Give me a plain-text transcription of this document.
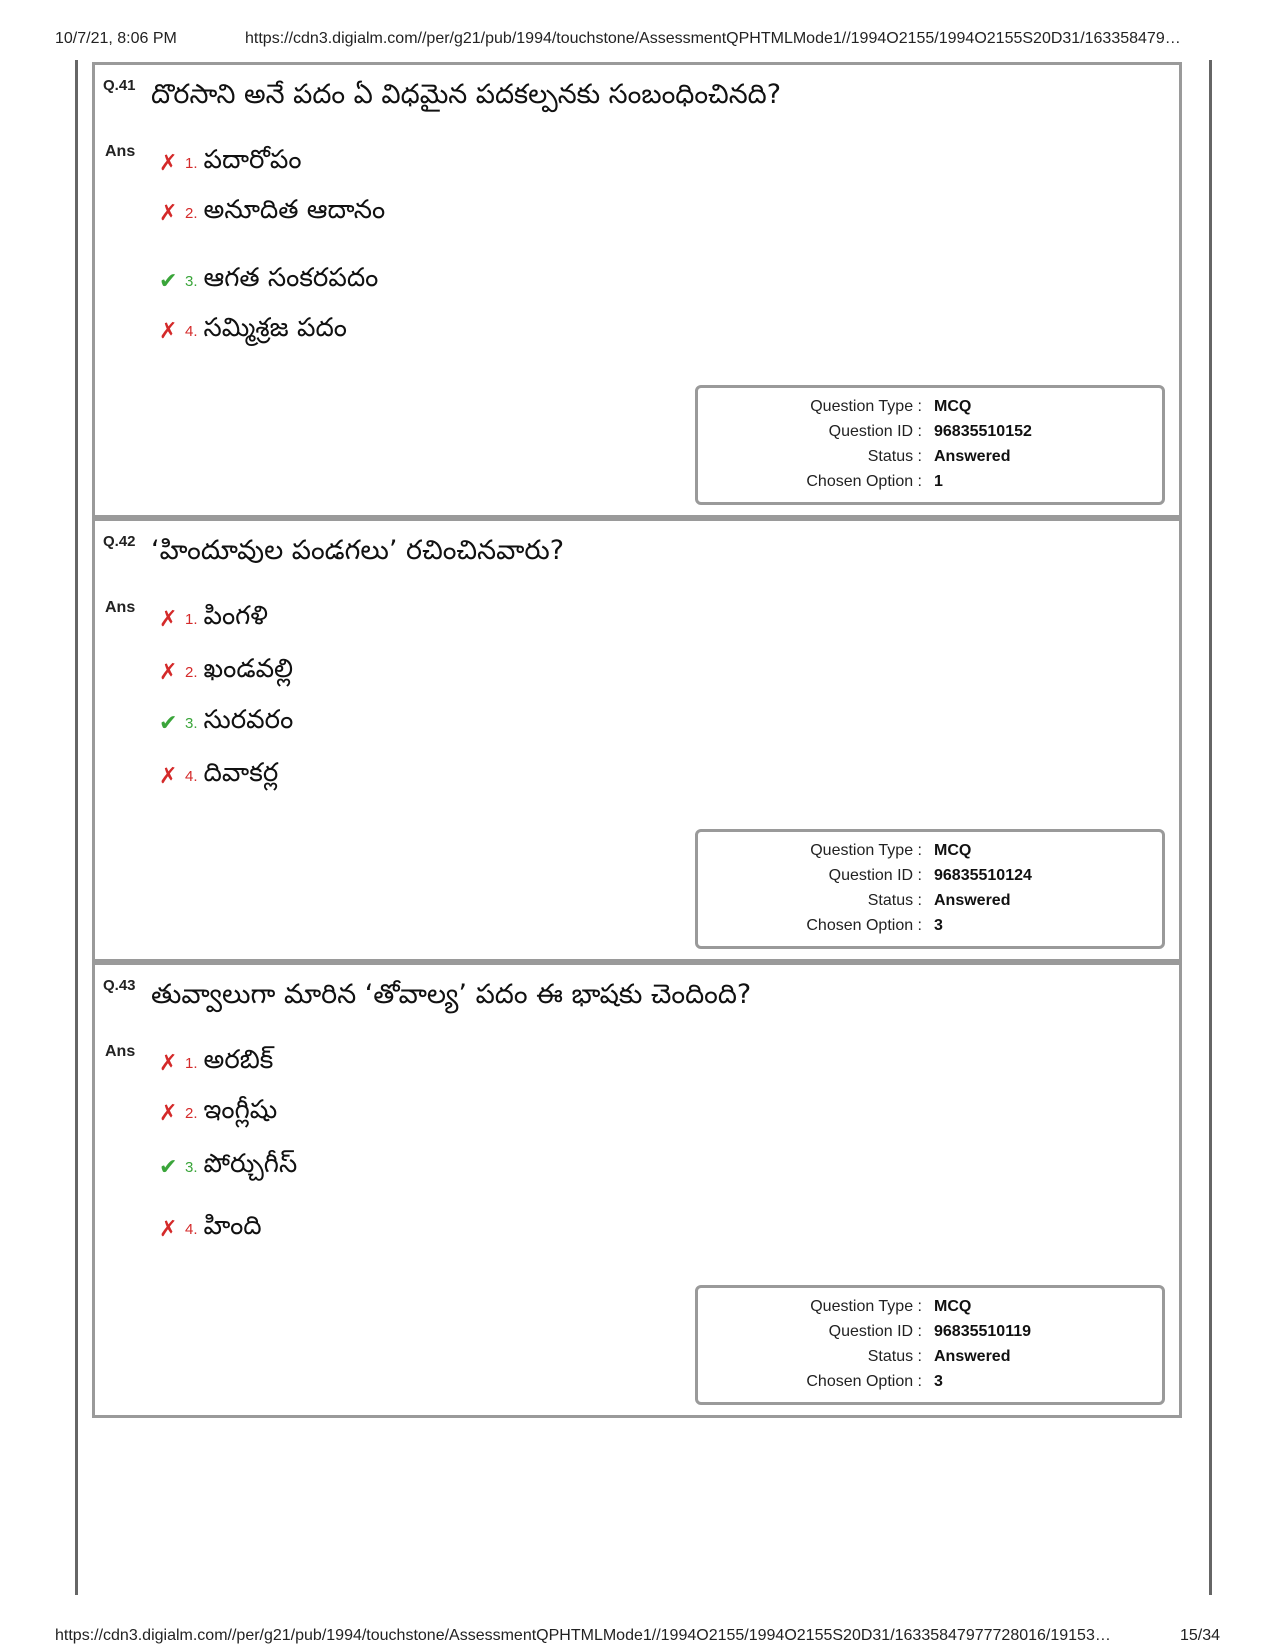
10/7/21, 8:06 PM	https://cdn3.digialm.com//per/g21/pub/1994/touchstone/AssessmentQPHTMLMode1//1994O2155/1994O2155S20D31/163358479…
Q.41 దొరసాని అనే పదం ఏ విధమైన పదకల్పనకు సంబంధించినది?
Ans ✗ 1. పదారోపం
✗ 2. అనూదిత ఆదానం
✔ 3. ఆగత సంకరపదం
✗ 4. సమ్మిశ్రజ పదం
Question Type : MCQ
Question ID : 96835510152
Status : Answered
Chosen Option : 1
Q.42 ‘హిందూవుల పండగలు’ రచించినవారు?
Ans ✗ 1. పింగళి
✗ 2. ఖండవల్లి
✔ 3. సురవరం
✗ 4. దివాకర్ల
Question Type : MCQ
Question ID : 96835510124
Status : Answered
Chosen Option : 3
Q.43 తువ్వాలుగా మారిన ‘తోవాల్య’ పదం ఈ భాషకు చెందింది?
Ans ✗ 1. అరబిక్
✗ 2. ఇంగ్లీషు
✔ 3. పోర్చుగీస్
✗ 4. హింది
Question Type : MCQ
Question ID : 96835510119
Status : Answered
Chosen Option : 3
https://cdn3.digialm.com//per/g21/pub/1994/touchstone/AssessmentQPHTMLMode1//1994O2155/1994O2155S20D31/16335847977728016/19153…	15/34
